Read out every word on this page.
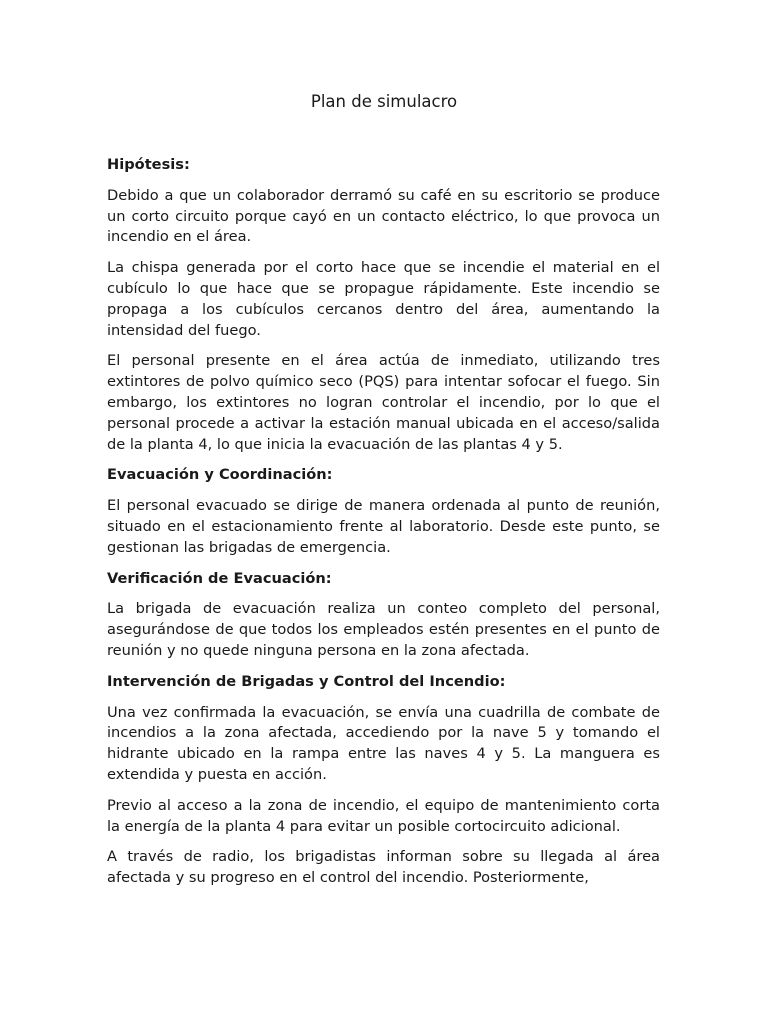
Plan de simulacro
Hipótesis:

Debido a que un colaborador derramó su café en su escritorio se produce un corto circuito porque cayó en un contacto eléctrico, lo que provoca un incendio en el área.

La chispa generada por el corto hace que se incendie el material en el cubículo lo que hace que se propague rápidamente. Este incendio se propaga a los cubículos cercanos dentro del área, aumentando la intensidad del fuego.

El personal presente en el área actúa de inmediato, utilizando tres extintores de polvo químico seco (PQS) para intentar sofocar el fuego. Sin embargo, los extintores no logran controlar el incendio, por lo que el personal procede a activar la estación manual ubicada en el acceso/salida de la planta 4, lo que inicia la evacuación de las plantas 4 y 5.

Evacuación y Coordinación:

El personal evacuado se dirige de manera ordenada al punto de reunión, situado en el estacionamiento frente al laboratorio. Desde este punto, se gestionan las brigadas de emergencia.

Verificación de Evacuación:

La brigada de evacuación realiza un conteo completo del personal, asegurándose de que todos los empleados estén presentes en el punto de reunión y no quede ninguna persona en la zona afectada.

Intervención de Brigadas y Control del Incendio:

Una vez confirmada la evacuación, se envía una cuadrilla de combate de incendios a la zona afectada, accediendo por la nave 5 y tomando el hidrante ubicado en la rampa entre las naves 4 y 5. La manguera es extendida y puesta en acción.

Previo al acceso a la zona de incendio, el equipo de mantenimiento corta la energía de la planta 4 para evitar un posible cortocircuito adicional.

A través de radio, los brigadistas informan sobre su llegada al área afectada y su progreso en el control del incendio. Posteriormente,
